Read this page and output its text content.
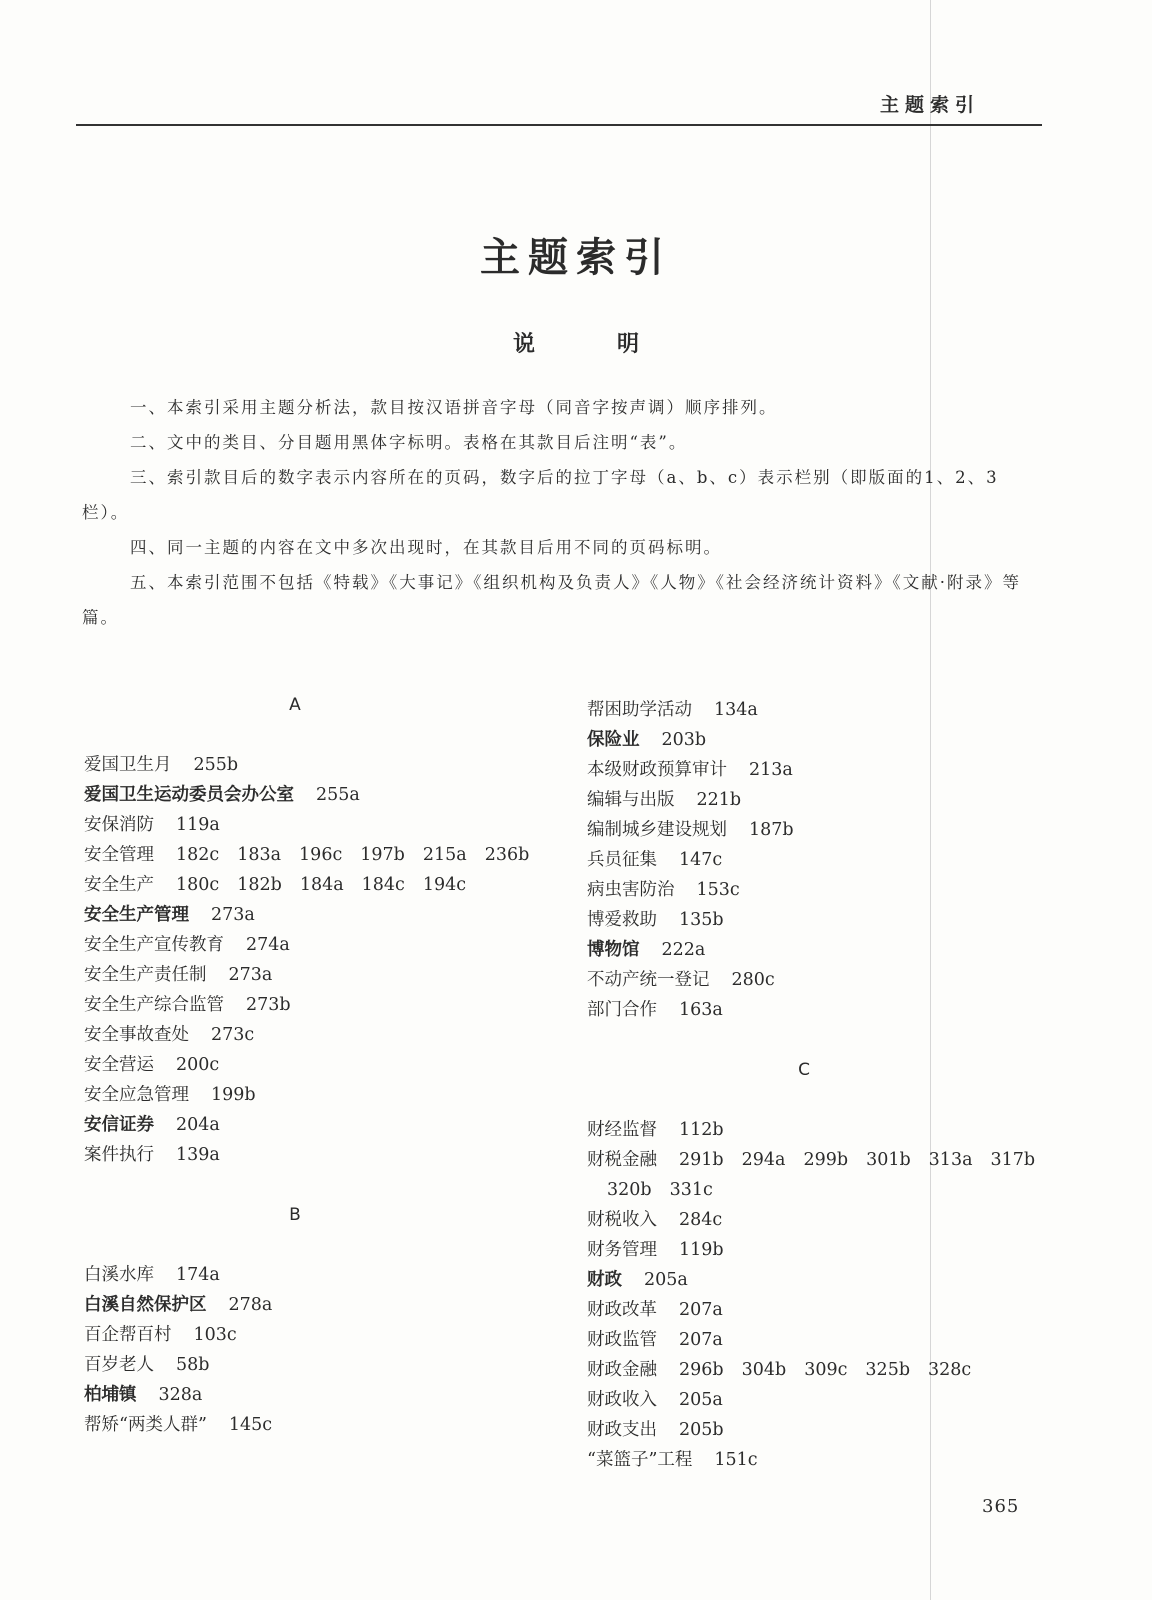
主题索引
主题索引
说　明

一、本索引采用主题分析法，款目按汉语拼音字母（同音字按声调）顺序排列。

二、文中的类目、分目题用黑体字标明。表格在其款目后注明“表”。

三、索引款目后的数字表示内容所在的页码，数字后的拉丁字母（a、b、c）表示栏别（即版面的1、2、3栏）。

四、同一主题的内容在文中多次出现时，在其款目后用不同的页码标明。

五、本索引范围不包括《特载》《大事记》《组织机构及负责人》《人物》《社会经济统计资料》《文献·附录》等篇。

A
爱国卫生月 255b
爱国卫生运动委员会办公室 255a
安保消防 119a
安全管理 182c 183a 196c 197b 215a 236b
安全生产 180c 182b 184a 184c 194c
安全生产管理 273a
安全生产宣传教育 274a
安全生产责任制 273a
安全生产综合监管 273b
安全事故查处 273c
安全营运 200c
安全应急管理 199b
安信证券 204a
案件执行 139a
B
白溪水库 174a
白溪自然保护区 278a
百企帮百村 103c
百岁老人 58b
柏埔镇 328a
帮矫“两类人群” 145c
帮困助学活动 134a
保险业 203b
本级财政预算审计 213a
编辑与出版 221b
编制城乡建设规划 187b
兵员征集 147c
病虫害防治 153c
博爱救助 135b
博物馆 222a
不动产统一登记 280c
部门合作 163a
C
财经监督 112b
财税金融 291b 294a 299b 301b 313a 317b
320b 331c
财税收入 284c
财务管理 119b
财政 205a
财政改革 207a
财政监管 207a
财政金融 296b 304b 309c 325b 328c
财政收入 205a
财政支出 205b
“菜篮子”工程 151c
365
